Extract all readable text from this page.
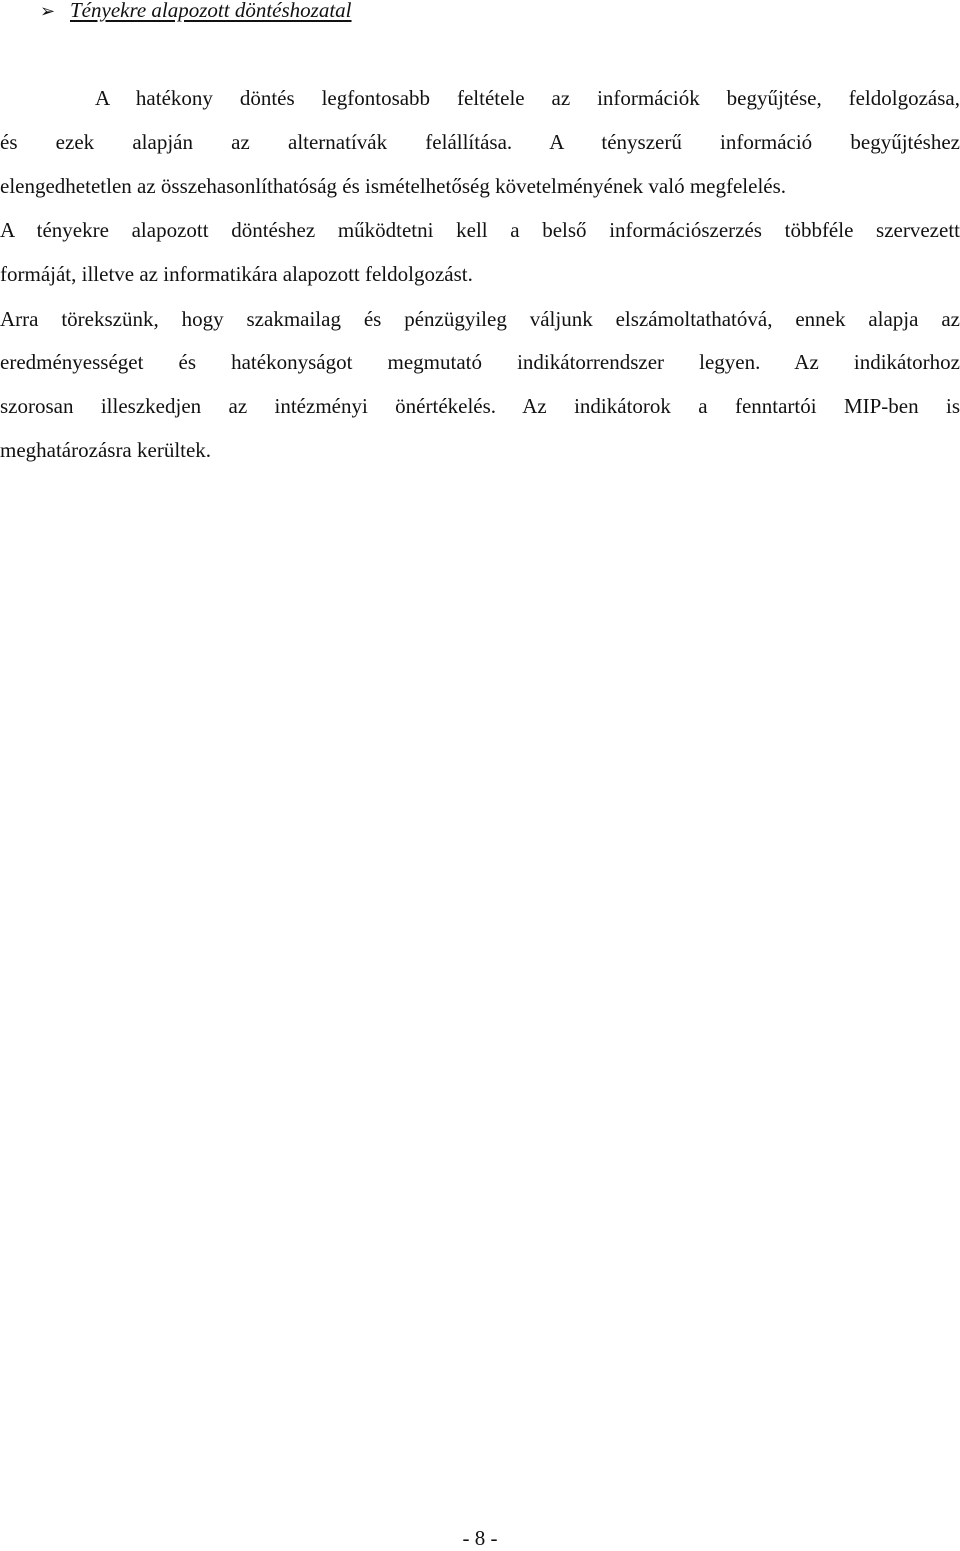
➢ Tényekre alapozott döntéshozatal
A hatékony döntés legfontosabb feltétele az információk begyűjtése, feldolgozása,
és ezek alapján az alternatívák felállítása. A tényszerű információ begyűjtéshez
elengedhetetlen az összehasonlíthatóság és ismételhetőség követelményének való megfelelés.
A tényekre alapozott döntéshez működtetni kell a belső információszerzés többféle szervezett
formáját, illetve az informatikára alapozott feldolgozást.
Arra törekszünk, hogy szakmailag és pénzügyileg váljunk elszámoltathatóvá, ennek alapja az
eredményességet és hatékonyságot megmutató indikátorrendszer legyen. Az indikátorhoz
szorosan illeszkedjen az intézményi önértékelés. Az indikátorok a fenntartói MIP-ben is
meghatározásra kerültek.
- 8 -
